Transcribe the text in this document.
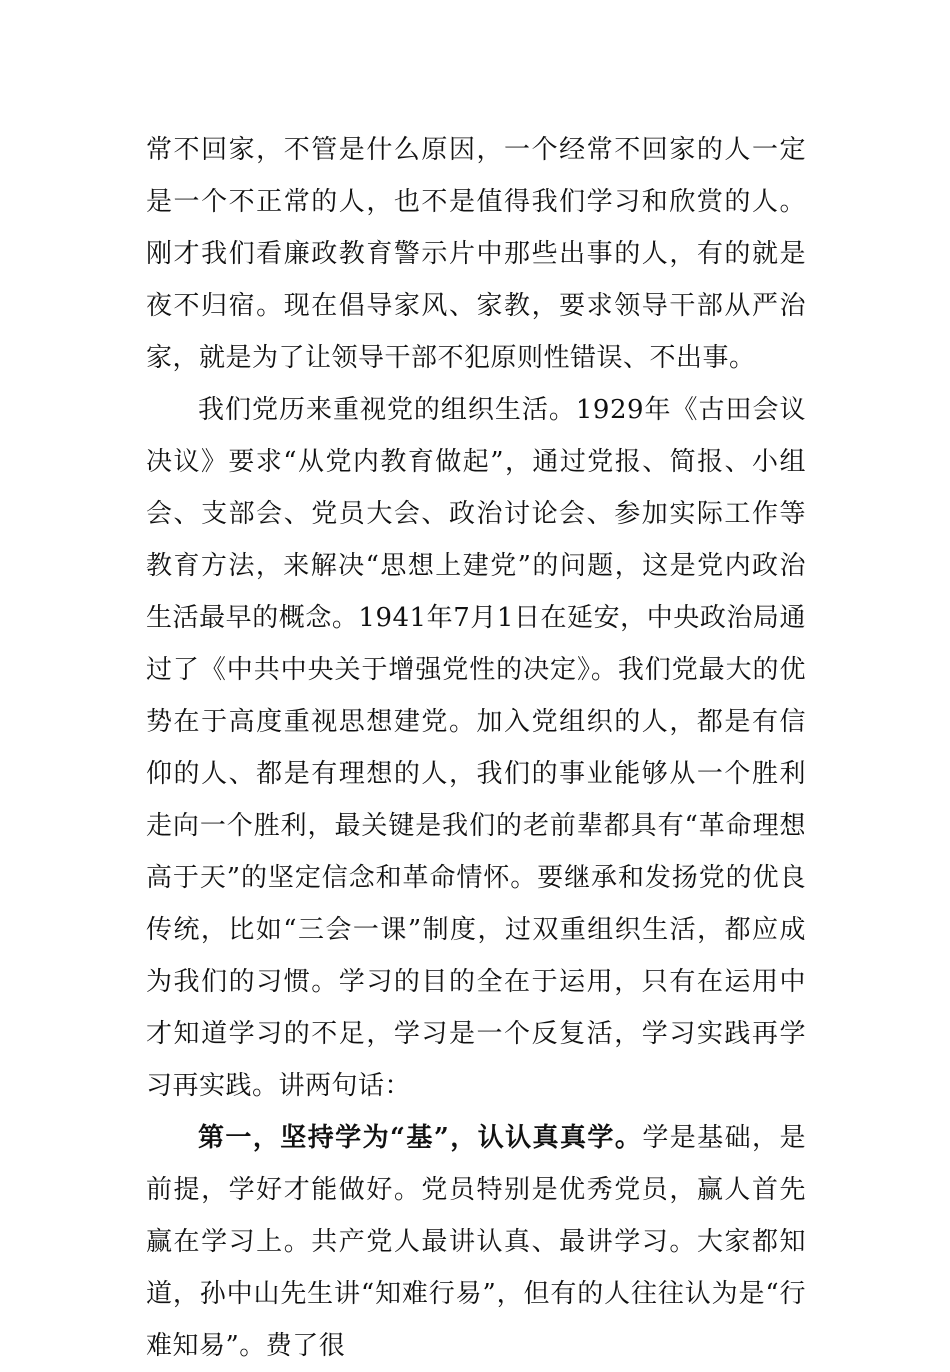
常不回家，不管是什么原因，一个经常不回家的人一定是一个不正常的人，也不是值得我们学习和欣赏的人。刚才我们看廉政教育警示片中那些出事的人，有的就是夜不归宿。现在倡导家风、家教，要求领导干部从严治家，就是为了让领导干部不犯原则性错误、不出事。

我们党历来重视党的组织生活。1929年《古田会议决议》要求“从党内教育做起”，通过党报、简报、小组会、支部会、党员大会、政治讨论会、参加实际工作等教育方法，来解决“思想上建党”的问题，这是党内政治生活最早的概念。1941年7月1日在延安，中央政治局通过了《中共中央关于增强党性的决定》。我们党最大的优势在于高度重视思想建党。加入党组织的人，都是有信仰的人、都是有理想的人，我们的事业能够从一个胜利走向一个胜利，最关键是我们的老前辈都具有“革命理想高于天”的坚定信念和革命情怀。要继承和发扬党的优良传统，比如“三会一课”制度，过双重组织生活，都应成为我们的习惯。学习的目的全在于运用，只有在运用中才知道学习的不足，学习是一个反复活，学习实践再学习再实践。讲两句话：

第一，坚持学为“基”，认认真真学。学是基础，是前提，学好才能做好。党员特别是优秀党员，赢人首先赢在学习上。共产党人最讲认真、最讲学习。大家都知道，孙中山先生讲“知难行易”，但有的人往往认为是“行难知易”。费了很
